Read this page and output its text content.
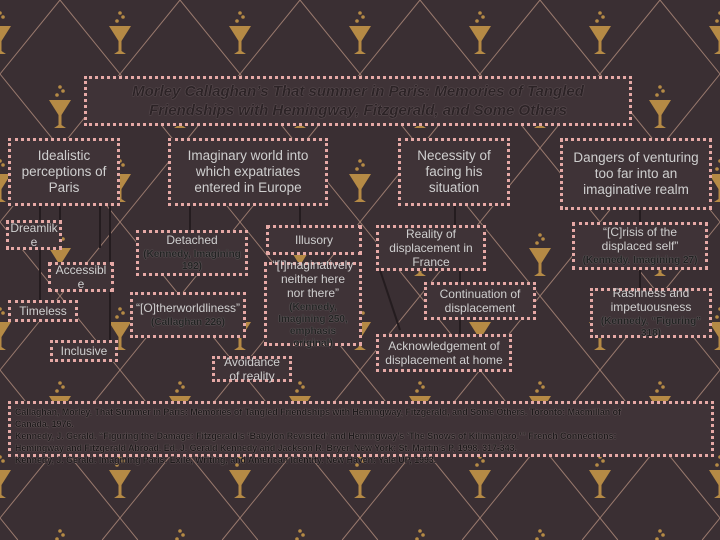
Morley Callaghan’s That summer in Paris: Memories of Tangled
Friendships with Hemingway, Fitzgerald, and Some Others
Idealistic perceptions of Paris
Imaginary world into which expatriates entered in Europe
Necessity of facing his situation
Dangers of venturing too far into an imaginative realm
Dreamlik e
Accessibl e
Timeless
Inclusive
Detached
(Kennedy, Imagining 192)
“[O]therworldliness”
(Callaghan 226)
Illusory
“[I]maginatively neither here nor there”
(Kennedy, Imagining 250, emphasis original)
Avoidance of reality
Reality of displacement in France
Continuation of displacement
Acknowledgement of displacement at home
“[C]risis of the displaced self”
(Kennedy, Imagining 27)
Rashness and impetuousness
(Kennedy, “Figuring” 318)
Callaghan, Morley. That Summer in Paris: Memories of Tangled Friendships with Hemingway, Fitzgerald, and Some Others. Toronto: Macmillan of
Canada, 1976.
Kennedy, J. Gerald. “Figuring the Damage: Fitzgerald’s ‘Babylon Revisited’ and Hemingway’s ‘The Snows of Kilimanjaro.’” French Connections:
Hemingway and Fitzgerald Abroad. Ed. J. Gerald Kennedy and Jackson R. Bryer. New York: St. Martin’s P, 1998. 317-343.
Kennedy, J. Gerald. Imagining Paris: Exile, Writing, and American Identity. New Haven: Yale UP, 1993.
